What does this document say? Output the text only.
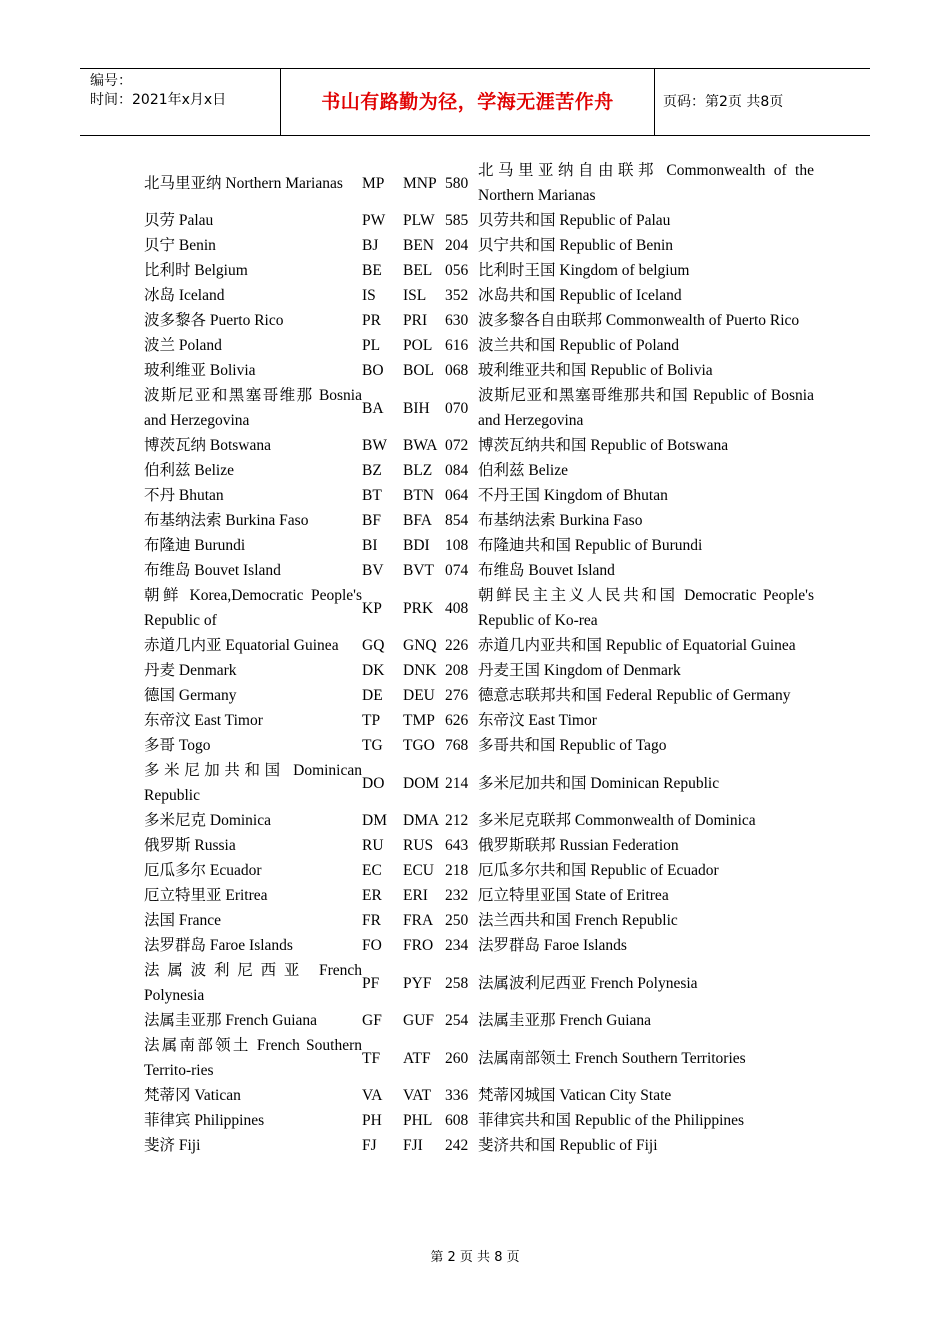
编号：
时间：2021年x月x日	书山有路勤为径，学海无涯苦作舟	页码：第2页 共8页
北马里亚纳 Northern Marianas	MP	MNP	580	北马里亚纳自由联邦 Commonwealth of the Northern Marianas
贝劳 Palau	PW	PLW	585	贝劳共和国 Republic of Palau
贝宁 Benin	BJ	BEN	204	贝宁共和国 Republic of Benin
比利时 Belgium	BE	BEL	056	比利时王国 Kingdom of belgium
冰岛 Iceland	IS	ISL	352	冰岛共和国 Republic of Iceland
波多黎各 Puerto Rico	PR	PRI	630	波多黎各自由联邦 Commonwealth of Puerto Rico
波兰 Poland	PL	POL	616	波兰共和国 Republic of Poland
玻利维亚 Bolivia	BO	BOL	068	玻利维亚共和国 Republic of Bolivia
波斯尼亚和黑塞哥维那 Bosnia and Herzegovina	BA	BIH	070	波斯尼亚和黑塞哥维那共和国 Republic of Bosnia and Herzegovina
博茨瓦纳 Botswana	BW	BWA	072	博茨瓦纳共和国 Republic of Botswana
伯利兹 Belize	BZ	BLZ	084	伯利兹 Belize
不丹 Bhutan	BT	BTN	064	不丹王国 Kingdom of Bhutan
布基纳法索 Burkina Faso	BF	BFA	854	布基纳法索 Burkina Faso
布隆迪 Burundi	BI	BDI	108	布隆迪共和国 Republic of Burundi
布维岛 Bouvet Island	BV	BVT	074	布维岛 Bouvet Island
朝鲜 Korea,Democratic People's Republic of	KP	PRK	408	朝鲜民主主义人民共和国 Democratic People's Republic of Ko-rea
赤道几内亚 Equatorial Guinea	GQ	GNQ	226	赤道几内亚共和国 Republic of Equatorial Guinea
丹麦 Denmark	DK	DNK	208	丹麦王国 Kingdom of Denmark
德国 Germany	DE	DEU	276	德意志联邦共和国 Federal Republic of Germany
东帝汶 East Timor	TP	TMP	626	东帝汶 East Timor
多哥 Togo	TG	TGO	768	多哥共和国 Republic of Tago
多米尼加共和国 Dominican Republic	DO	DOM	214	多米尼加共和国 Dominican Republic
多米尼克 Dominica	DM	DMA	212	多米尼克联邦 Commonwealth of Dominica
俄罗斯 Russia	RU	RUS	643	俄罗斯联邦 Russian Federation
厄瓜多尔 Ecuador	EC	ECU	218	厄瓜多尔共和国 Republic of Ecuador
厄立特里亚 Eritrea	ER	ERI	232	厄立特里亚国 State of Eritrea
法国 France	FR	FRA	250	法兰西共和国 French Republic
法罗群岛 Faroe Islands	FO	FRO	234	法罗群岛 Faroe Islands
法属波利尼西亚 French Polynesia	PF	PYF	258	法属波利尼西亚 French Polynesia
法属圭亚那 French Guiana	GF	GUF	254	法属圭亚那 French Guiana
法属南部领土 French Southern Territo-ries	TF	ATF	260	法属南部领土 French Southern Territories
梵蒂冈 Vatican	VA	VAT	336	梵蒂冈城国 Vatican City State
菲律宾 Philippines	PH	PHL	608	菲律宾共和国 Republic of the Philippines
斐济 Fiji	FJ	FJI	242	斐济共和国 Republic of Fiji
第 2 页 共 8 页
